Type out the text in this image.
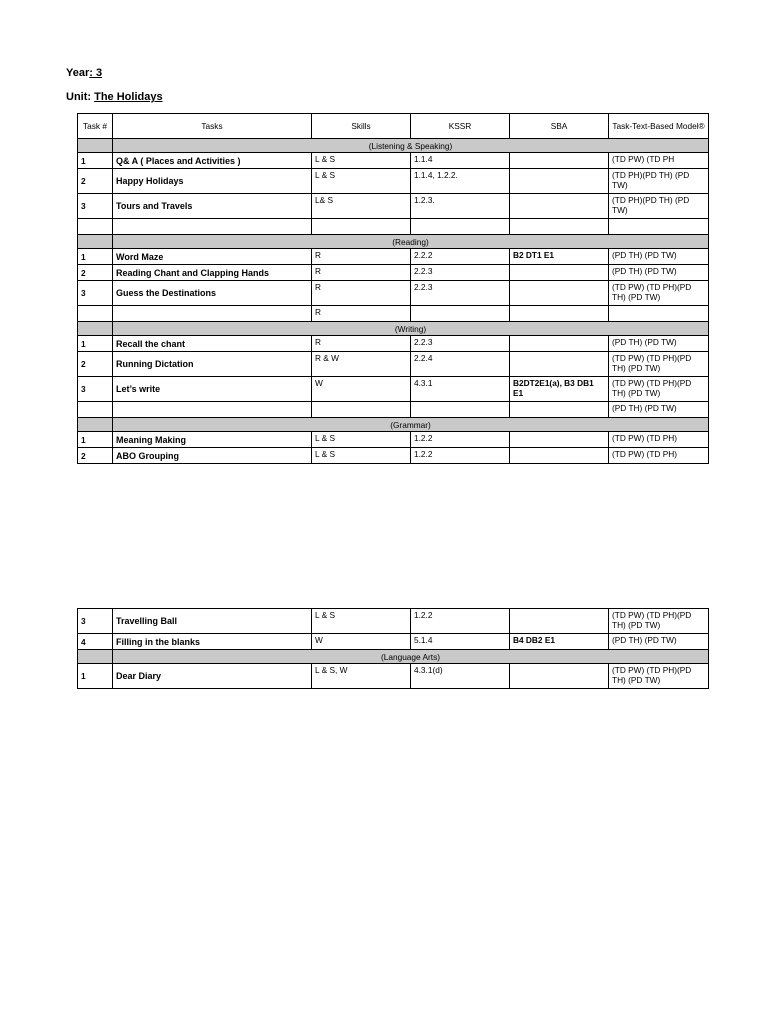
Year: 3
Unit: The Holidays
Task #	Tasks	Skills	KSSR	SBA	Task-Text-Based Model®
	(Listening & Speaking)				
1	Q& A ( Places and Activities )	L & S	1.1.4		(TD PW) (TD PH
2	Happy Holidays	L & S	1.1.4, 1.2.2.		(TD PH)(PD TH) (PD TW)
3	Tours and Travels	L& S	1.2.3.		(TD PH)(PD TH) (PD TW)

	(Reading)				
1	Word Maze	R	2.2.2	B2 DT1 E1	(PD TH) (PD TW)
2	Reading Chant and Clapping Hands	R	2.2.3		(PD TH) (PD TW)
3	Guess the Destinations	R	2.2.3		(TD PW) (TD PH)(PD TH) (PD TW)
		R			
	(Writing)				
1	Recall the chant	R	2.2.3		(PD TH) (PD TW)
2	Running Dictation	R & W	2.2.4		(TD PW) (TD PH)(PD TH) (PD TW)
3	Let’s write	W	4.3.1	B2DT2E1(a), B3 DB1 E1	(TD PW) (TD PH)(PD TH) (PD TW)
					(PD TH) (PD TW)
	(Grammar)				
1	Meaning Making	L & S	1.2.2		(TD PW) (TD PH)
2	ABO Grouping	L & S	1.2.2		(TD PW) (TD PH)
3	Travelling Ball	L & S	1.2.2		(TD PW) (TD PH)(PD TH) (PD TW)
4	Filling in the blanks	W	5.1.4	B4 DB2 E1	(PD TH) (PD TW)
	(Language Arts)				
1	Dear Diary	L & S, W	4.3.1(d)		(TD PW) (TD PH)(PD TH) (PD TW)
